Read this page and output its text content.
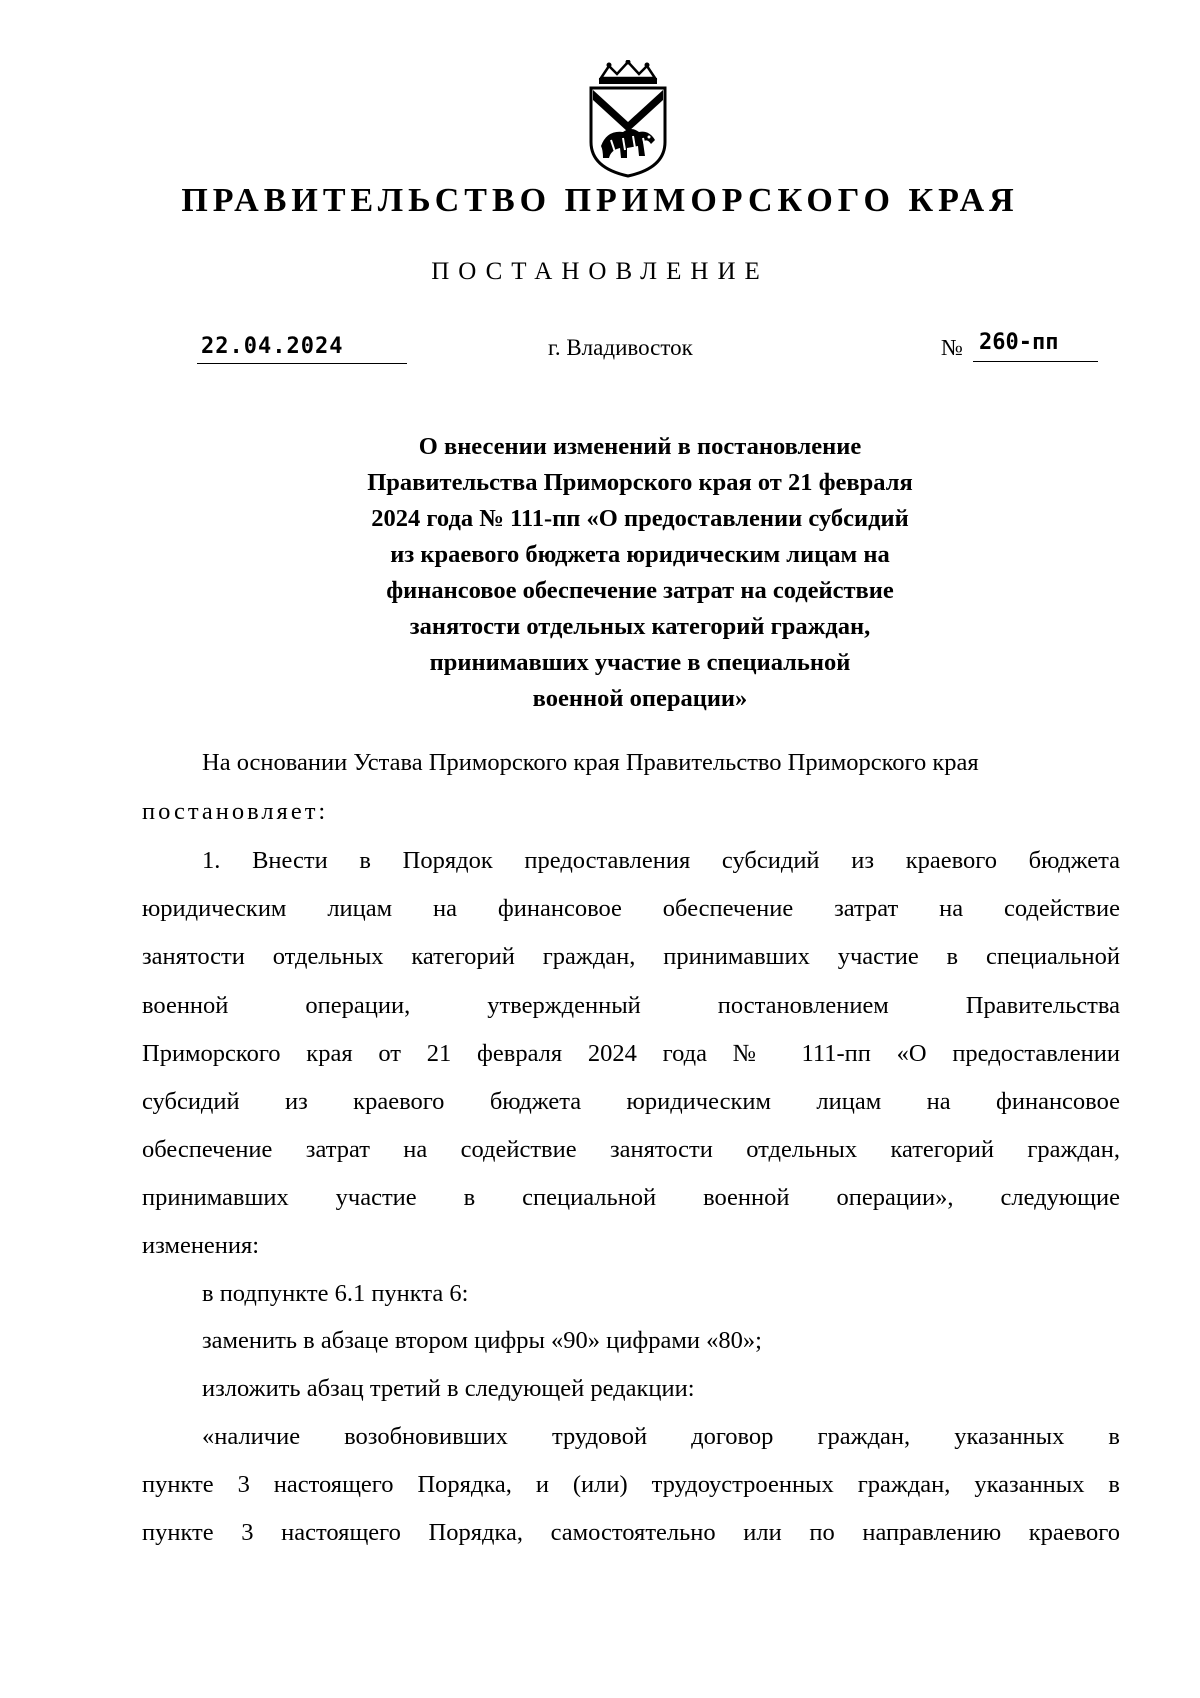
ПРАВИТЕЛЬСТВО ПРИМОРСКОГО КРАЯ
ПОСТАНОВЛЕНИЕ
22.04.2024	г. Владивосток	№ 260-пп
О внесении изменений в постановление
Правительства Приморского края от 21 февраля
2024 года № 111-пп «О предоставлении субсидий
из краевого бюджета юридическим лицам на
финансовое обеспечение затрат на содействие
занятости отдельных категорий граждан,
принимавших участие в специальной
военной операции»
На основании Устава Приморского края Правительство Приморского края
постановляет:
1. Внести в Порядок предоставления субсидий из краевого бюджета
юридическим лицам на финансовое обеспечение затрат на содействие
занятости отдельных категорий граждан, принимавших участие в специальной
военной операции, утвержденный постановлением Правительства
Приморского края от 21 февраля 2024 года № 111-пп «О предоставлении
субсидий из краевого бюджета юридическим лицам на финансовое
обеспечение затрат на содействие занятости отдельных категорий граждан,
принимавших участие в специальной военной операции», следующие
изменения:
в подпункте 6.1 пункта 6:
заменить в абзаце втором цифры «90» цифрами «80»;
изложить абзац третий в следующей редакции:
«наличие возобновивших трудовой договор граждан, указанных в
пункте 3 настоящего Порядка, и (или) трудоустроенных граждан, указанных в
пункте 3 настоящего Порядка, самостоятельно или по направлению краевого
